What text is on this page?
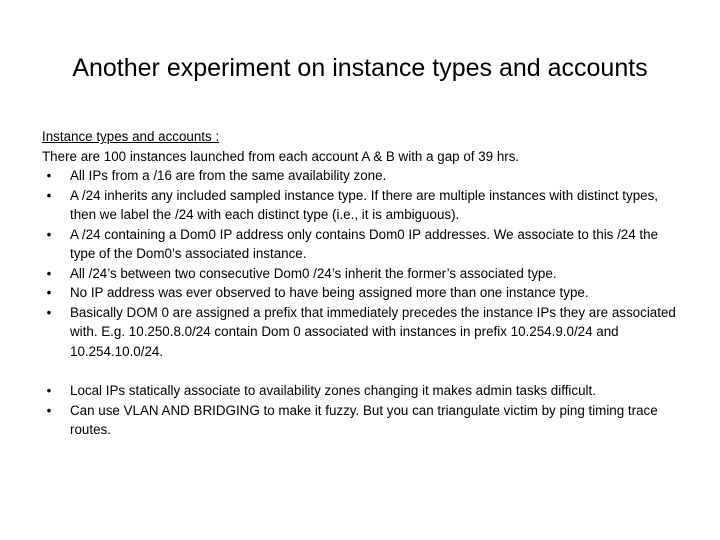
Another experiment on instance types and accounts

Instance types and accounts :

There are 100 instances launched from each account A & B with a gap of 39 hrs.

•	All IPs from a /16 are from the same availability zone.
•	A /24 inherits any included sampled instance type. If there are multiple instances with distinct types, then we label the /24 with each distinct type (i.e., it is ambiguous).
•	A /24 containing a Dom0 IP address only contains Dom0 IP addresses. We associate to this /24 the type of the Dom0’s associated instance.
•	All /24’s between two consecutive Dom0 /24’s inherit the former’s associated type.
•	No IP address was ever observed to have being assigned more than one instance type.
•	Basically DOM 0 are assigned a prefix that immediately precedes the instance IPs they are associated with. E.g. 10.250.8.0/24 contain Dom 0 associated with instances in prefix 10.254.9.0/24 and 10.254.10.0/24.
•	Local IPs statically associate to availability zones changing it makes admin tasks difficult.
•	Can use VLAN AND BRIDGING to make it fuzzy. But you can triangulate victim by ping timing trace routes.
